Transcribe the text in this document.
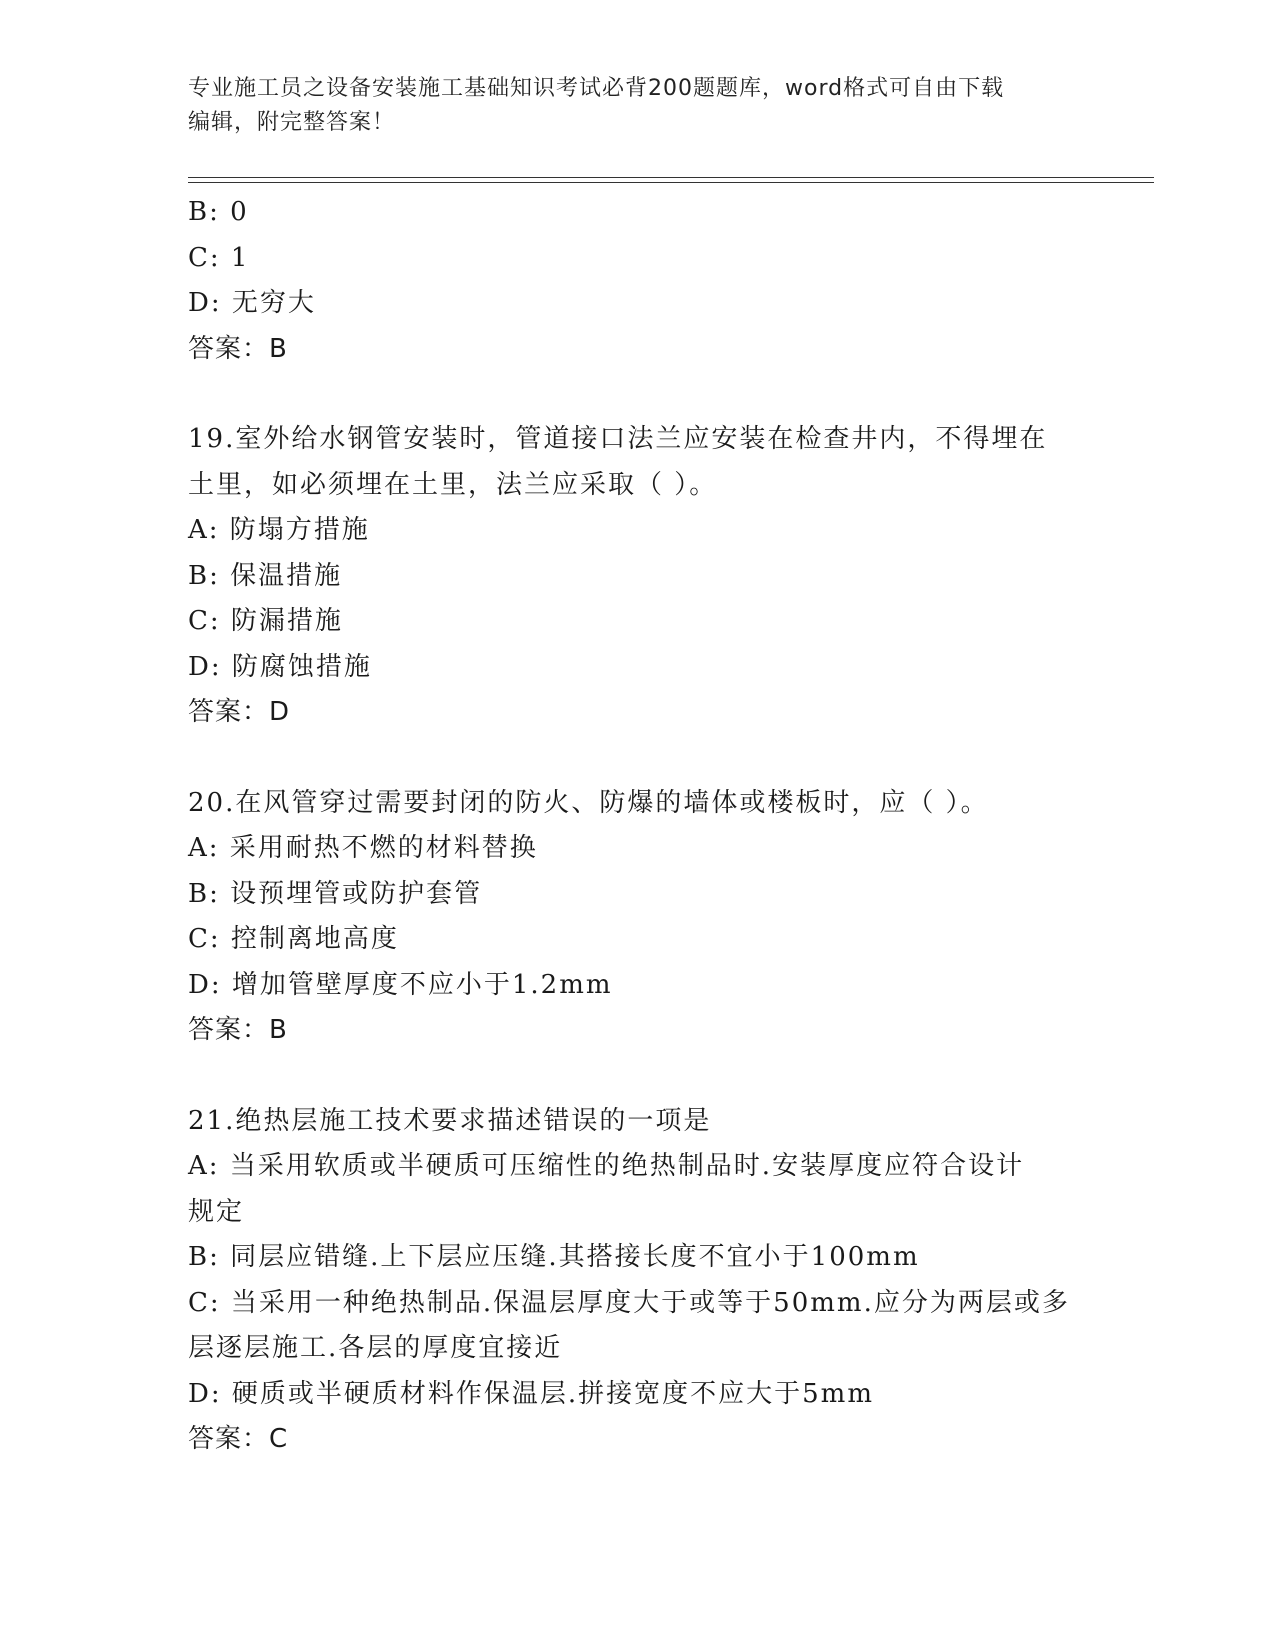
专业施工员之设备安装施工基础知识考试必背200题题库，word格式可自由下载
编辑，附完整答案！
B: 0
C: 1
D: 无穷大
答案：B
19.室外给水钢管安装时，管道接口法兰应安装在检查井内，不得埋在
土里，如必须埋在土里，法兰应采取（ ）。
A: 防塌方措施
B: 保温措施
C: 防漏措施
D: 防腐蚀措施
答案：D
20.在风管穿过需要封闭的防火、防爆的墙体或楼板时，应（ ）。
A: 采用耐热不燃的材料替换
B: 设预埋管或防护套管
C: 控制离地高度
D: 增加管壁厚度不应小于1.2mm
答案：B
21.绝热层施工技术要求描述错误的一项是
A: 当采用软质或半硬质可压缩性的绝热制品时.安装厚度应符合设计
规定
B: 同层应错缝.上下层应压缝.其搭接长度不宜小于100mm
C: 当采用一种绝热制品.保温层厚度大于或等于50mm.应分为两层或多
层逐层施工.各层的厚度宜接近
D: 硬质或半硬质材料作保温层.拼接宽度不应大于5mm
答案：C
